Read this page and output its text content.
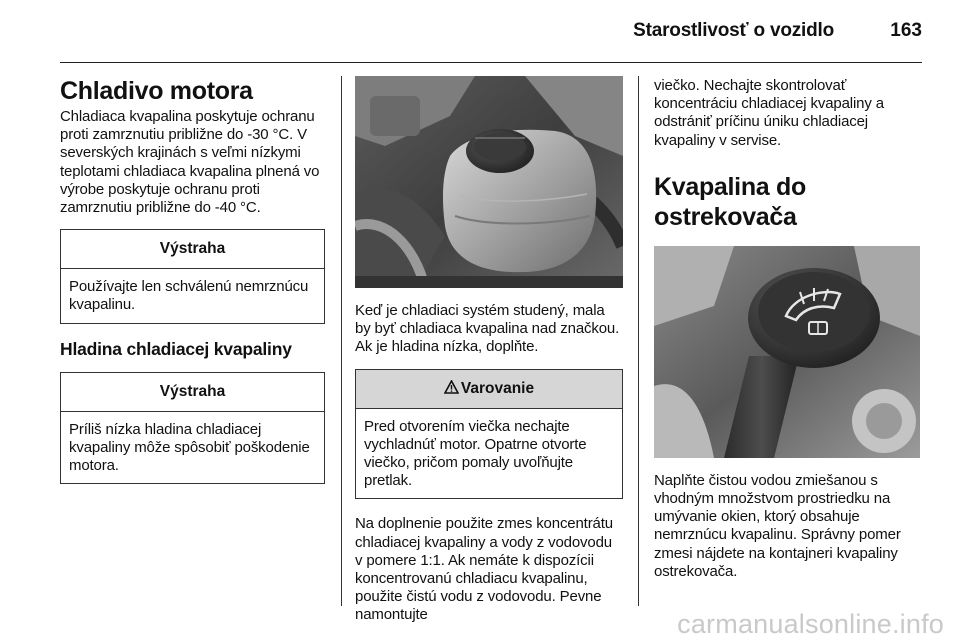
Starostlivosť o vozidlo	163
Chladivo motora

Chladiaca kvapalina poskytuje ochranu proti zamrznutiu približne do -30 °C. V severských krajinách s veľmi nízkymi teplotami chladiaca kvapalina plnená vo výrobe poskytuje ochranu proti zamrznutiu približne do -40 °C.

Výstraha
Používajte len schválenú nemrznúcu kvapalinu.
Hladina chladiacej kvapaliny
Výstraha
Príliš nízka hladina chladiacej kvapaliny môže spôsobiť poškodenie motora.

Keď je chladiaci systém studený, mala by byť chladiaca kvapalina nad značkou. Ak je hladina nízka, doplňte.

Varovanie
Pred otvorením viečka nechajte vychladnúť motor. Opatrne otvorte viečko, pričom pomaly uvoľňujte pretlak.

Na doplnenie použite zmes koncentrátu chladiacej kvapaliny a vody z vodovodu v pomere 1:1. Ak nemáte k dispozícii koncentrovanú chladiacu kvapalinu, použite čistú vodu z vodovodu. Pevne namontujte

viečko. Nechajte skontrolovať koncentráciu chladiacej kvapaliny a odstrániť príčinu úniku chladiacej kvapaliny v servise.

Kvapalina do ostrekovača

Naplňte čistou vodou zmiešanou s vhodným množstvom prostriedku na umývanie okien, ktorý obsahuje nemrznúcu kvapalinu. Správny pomer zmesi nájdete na kontajneri kvapaliny ostrekovača.

carmanualsonline.info
